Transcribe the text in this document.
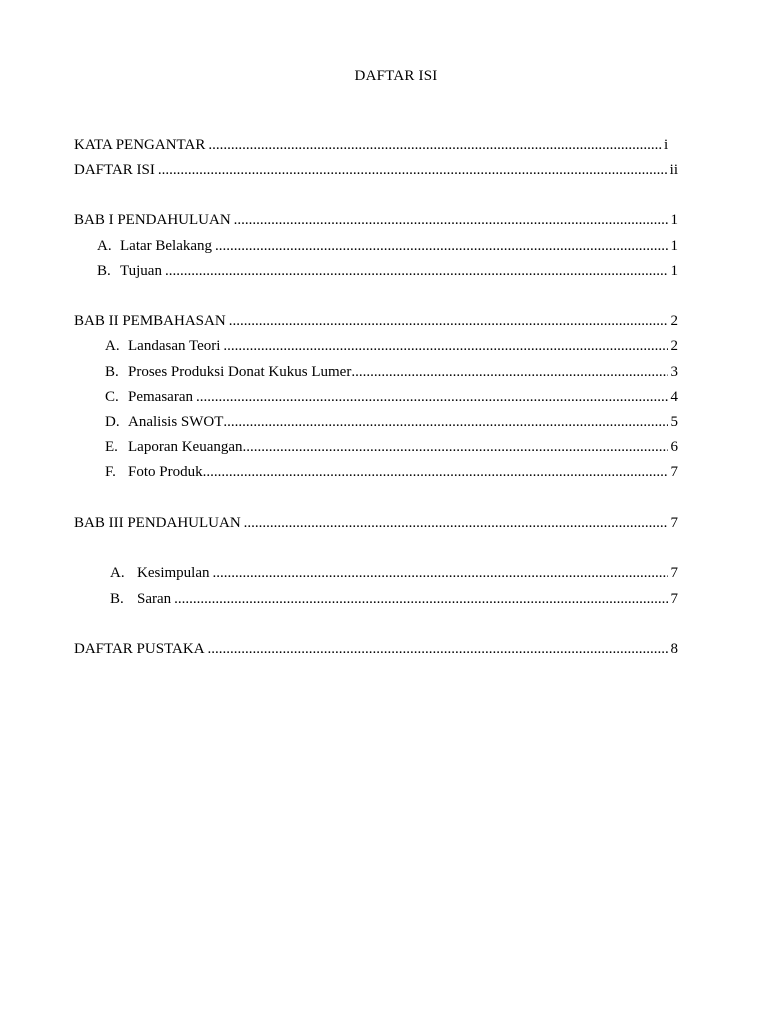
DAFTAR ISI
KATA PENGANTAR .....	i
DAFTAR ISI .....	ii
BAB I PENDAHULUAN .....	1
A. Latar Belakang .....	1
B. Tujuan .....	1
BAB II PEMBAHASAN .....	2
A. Landasan Teori .....	2
B. Proses Produksi Donat Kukus Lumer .....	3
C. Pemasaran .....	4
D. Analisis SWOT .....	5
E. Laporan Keuangan .....	6
F. Foto Produk .....	7
BAB III PENDAHULUAN .....	7
A. Kesimpulan .....	7
B. Saran .....	7
DAFTAR PUSTAKA .....	8
